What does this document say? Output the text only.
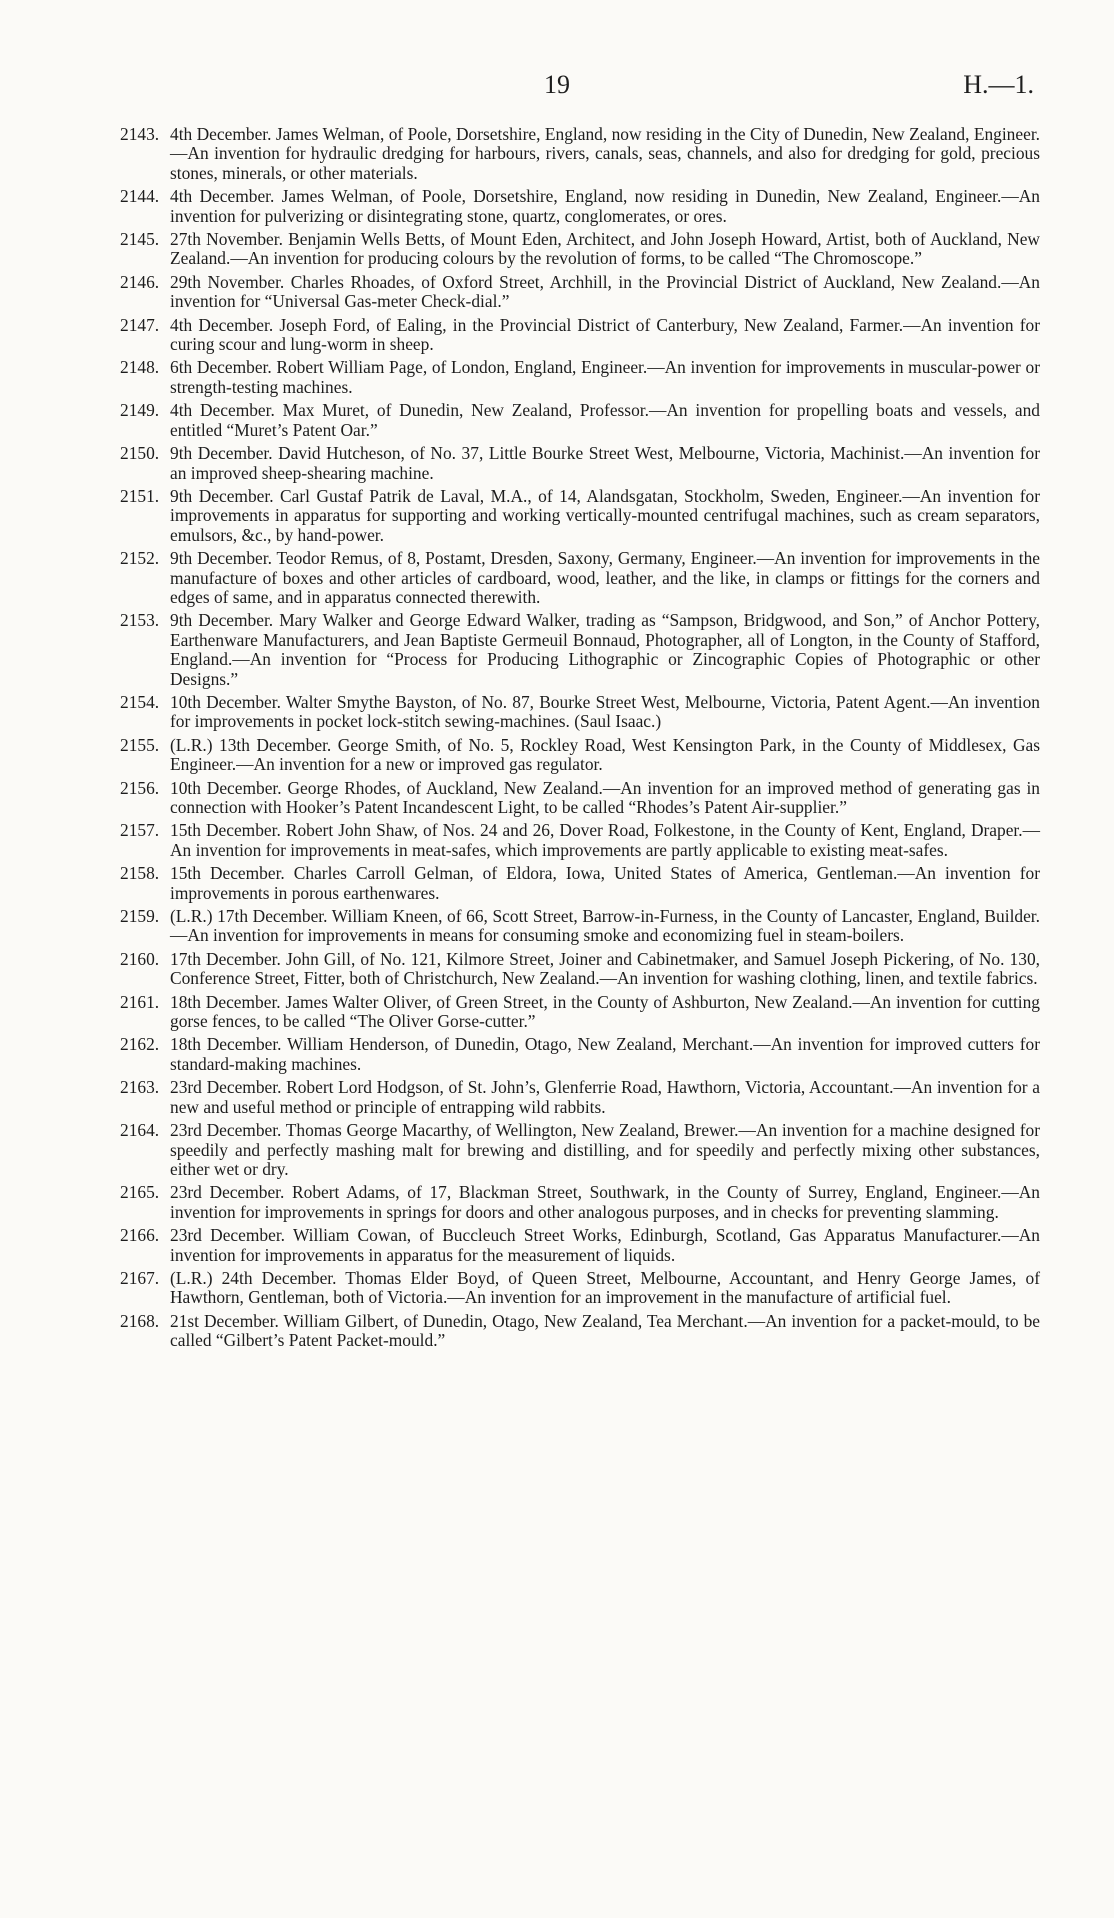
19	H.—1.
2143. 4th December. James Welman, of Poole, Dorsetshire, England, now residing in the City of Dunedin, New Zealand, Engineer.—An invention for hydraulic dredging for harbours, rivers, canals, seas, channels, and also for dredging for gold, precious stones, minerals, or other materials.
2144. 4th December. James Welman, of Poole, Dorsetshire, England, now residing in Dunedin, New Zealand, Engineer.—An invention for pulverizing or disintegrating stone, quartz, conglomerates, or ores.
2145. 27th November. Benjamin Wells Betts, of Mount Eden, Architect, and John Joseph Howard, Artist, both of Auckland, New Zealand.—An invention for producing colours by the revolution of forms, to be called “The Chromoscope.”
2146. 29th November. Charles Rhoades, of Oxford Street, Archhill, in the Provincial District of Auckland, New Zealand.—An invention for “Universal Gas-meter Check-dial.”
2147. 4th December. Joseph Ford, of Ealing, in the Provincial District of Canterbury, New Zealand, Farmer.—An invention for curing scour and lung-worm in sheep.
2148. 6th December. Robert William Page, of London, England, Engineer.—An invention for improvements in muscular-power or strength-testing machines.
2149. 4th December. Max Muret, of Dunedin, New Zealand, Professor.—An invention for propelling boats and vessels, and entitled “Muret’s Patent Oar.”
2150. 9th December. David Hutcheson, of No. 37, Little Bourke Street West, Melbourne, Victoria, Machinist.—An invention for an improved sheep-shearing machine.
2151. 9th December. Carl Gustaf Patrik de Laval, M.A., of 14, Alandsgatan, Stockholm, Sweden, Engineer.—An invention for improvements in apparatus for supporting and working vertically-mounted centrifugal machines, such as cream separators, emulsors, &c., by hand-power.
2152. 9th December. Teodor Remus, of 8, Postamt, Dresden, Saxony, Germany, Engineer.—An invention for improvements in the manufacture of boxes and other articles of cardboard, wood, leather, and the like, in clamps or fittings for the corners and edges of same, and in apparatus connected therewith.
2153. 9th December. Mary Walker and George Edward Walker, trading as “Sampson, Bridgwood, and Son,” of Anchor Pottery, Earthenware Manufacturers, and Jean Baptiste Germeuil Bonnaud, Photographer, all of Longton, in the County of Stafford, England.—An invention for “Process for Producing Lithographic or Zincographic Copies of Photographic or other Designs.”
2154. 10th December. Walter Smythe Bayston, of No. 87, Bourke Street West, Melbourne, Victoria, Patent Agent.—An invention for improvements in pocket lock-stitch sewing-machines. (Saul Isaac.)
2155. (L.R.) 13th December. George Smith, of No. 5, Rockley Road, West Kensington Park, in the County of Middlesex, Gas Engineer.—An invention for a new or improved gas regulator.
2156. 10th December. George Rhodes, of Auckland, New Zealand.—An invention for an improved method of generating gas in connection with Hooker’s Patent Incandescent Light, to be called “Rhodes’s Patent Air-supplier.”
2157. 15th December. Robert John Shaw, of Nos. 24 and 26, Dover Road, Folkestone, in the County of Kent, England, Draper.—An invention for improvements in meat-safes, which improvements are partly applicable to existing meat-safes.
2158. 15th December. Charles Carroll Gelman, of Eldora, Iowa, United States of America, Gentleman.—An invention for improvements in porous earthenwares.
2159. (L.R.) 17th December. William Kneen, of 66, Scott Street, Barrow-in-Furness, in the County of Lancaster, England, Builder.—An invention for improvements in means for consuming smoke and economizing fuel in steam-boilers.
2160. 17th December. John Gill, of No. 121, Kilmore Street, Joiner and Cabinetmaker, and Samuel Joseph Pickering, of No. 130, Conference Street, Fitter, both of Christchurch, New Zealand.—An invention for washing clothing, linen, and textile fabrics.
2161. 18th December. James Walter Oliver, of Green Street, in the County of Ashburton, New Zealand.—An invention for cutting gorse fences, to be called “The Oliver Gorse-cutter.”
2162. 18th December. William Henderson, of Dunedin, Otago, New Zealand, Merchant.—An invention for improved cutters for standard-making machines.
2163. 23rd December. Robert Lord Hodgson, of St. John’s, Glenferrie Road, Hawthorn, Victoria, Accountant.—An invention for a new and useful method or principle of entrapping wild rabbits.
2164. 23rd December. Thomas George Macarthy, of Wellington, New Zealand, Brewer.—An invention for a machine designed for speedily and perfectly mashing malt for brewing and distilling, and for speedily and perfectly mixing other substances, either wet or dry.
2165. 23rd December. Robert Adams, of 17, Blackman Street, Southwark, in the County of Surrey, England, Engineer.—An invention for improvements in springs for doors and other analogous purposes, and in checks for preventing slamming.
2166. 23rd December. William Cowan, of Buccleuch Street Works, Edinburgh, Scotland, Gas Apparatus Manufacturer.—An invention for improvements in apparatus for the measurement of liquids.
2167. (L.R.) 24th December. Thomas Elder Boyd, of Queen Street, Melbourne, Accountant, and Henry George James, of Hawthorn, Gentleman, both of Victoria.—An invention for an improvement in the manufacture of artificial fuel.
2168. 21st December. William Gilbert, of Dunedin, Otago, New Zealand, Tea Merchant.—An invention for a packet-mould, to be called “Gilbert’s Patent Packet-mould.”
